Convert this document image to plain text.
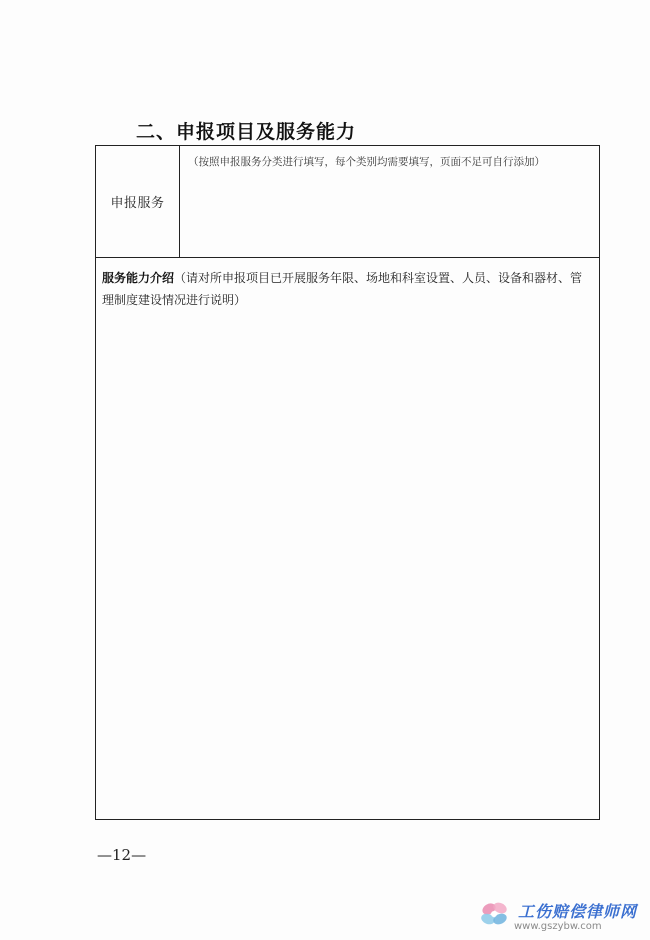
二、申报项目及服务能力
申报服务
（按照申报服务分类进行填写，每个类别均需要填写，页面不足可自行添加）
服务能力介绍（请对所申报项目已开展服务年限、场地和科室设置、人员、设备和器材、管理制度建设情况进行说明）
—12—
工伤赔偿律师网
www.gszybw.com
